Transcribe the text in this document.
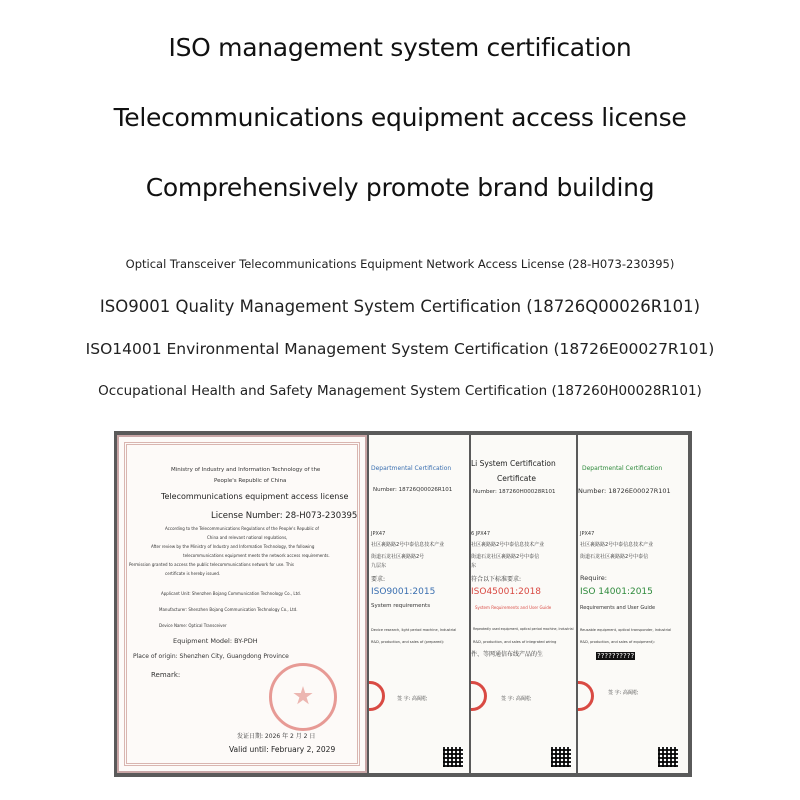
ISO management system certification
Telecommunications equipment access license
Comprehensively promote brand building
Optical Transceiver Telecommunications Equipment Network Access License (28-H073-230395)
ISO9001 Quality Management System Certification (18726Q00026R101)
ISO14001 Environmental Management System Certification (18726E00027R101)
Occupational Health and Safety Management System Certification (187260H00028R101)
Ministry of Industry and Information Technology of the
People's Republic of China
Telecommunications equipment access license
License Number: 28-H073-230395
According to the Telecommunications Regulations of the People's Republic of
China and relevant national regulations,
After review by the Ministry of Industry and Information Technology, the following
telecommunications equipment meets the network access requirements.
Permission granted to access the public telecommunications network for use. This
certificate is hereby issued.
Applicant Unit: Shenzhen Bojang Communication Technology Co., Ltd.
Manufacturer: Shenzhen Bojang Communication Technology Co., Ltd.
Device Name: Optical Transceiver
Equipment Model: BY-PDH
Place of origin: Shenzhen City, Guangdong Province
Remark:
发证日期: 2026 年 2 月 2 日
Valid until: February 2, 2029
Departmental Certification
Number: 18726Q00026R101
JPX47
社区裹路路2号中泰信息技术产业
街道石龙社区裹路路2号
九层东
要求:
ISO9001:2015
System requirements
Device research, light period machine, Industrial
R&D, production, and sales of (prepared):
签 字: 高阔松
Li System Certification
Certificate
Number: 187260H00028R101
6 JPX47
社区裹路路2号中泰信息技术产业
街道石龙社区裹路路2号中泰信
东
符合以下标准要求:
ISO45001:2018
System Requirements and User Guide
Repeatedly used equipment, optical period machine, Industrial
R&D, production, and sales of integrated wiring
件、等网通信布线产品的生
签 字: 高阔松
Departmental Certification
Number: 18726E00027R101
JPX47
社区裹路路2号中泰信息技术产业
街道石龙社区裹路路2号中泰信
Require:
ISO 14001:2015
Requirements and User Guide
Reusable equipment, optical transponder, Industrial
R&D, production, and sales of equipment):
??????????
签 字: 高阔松
